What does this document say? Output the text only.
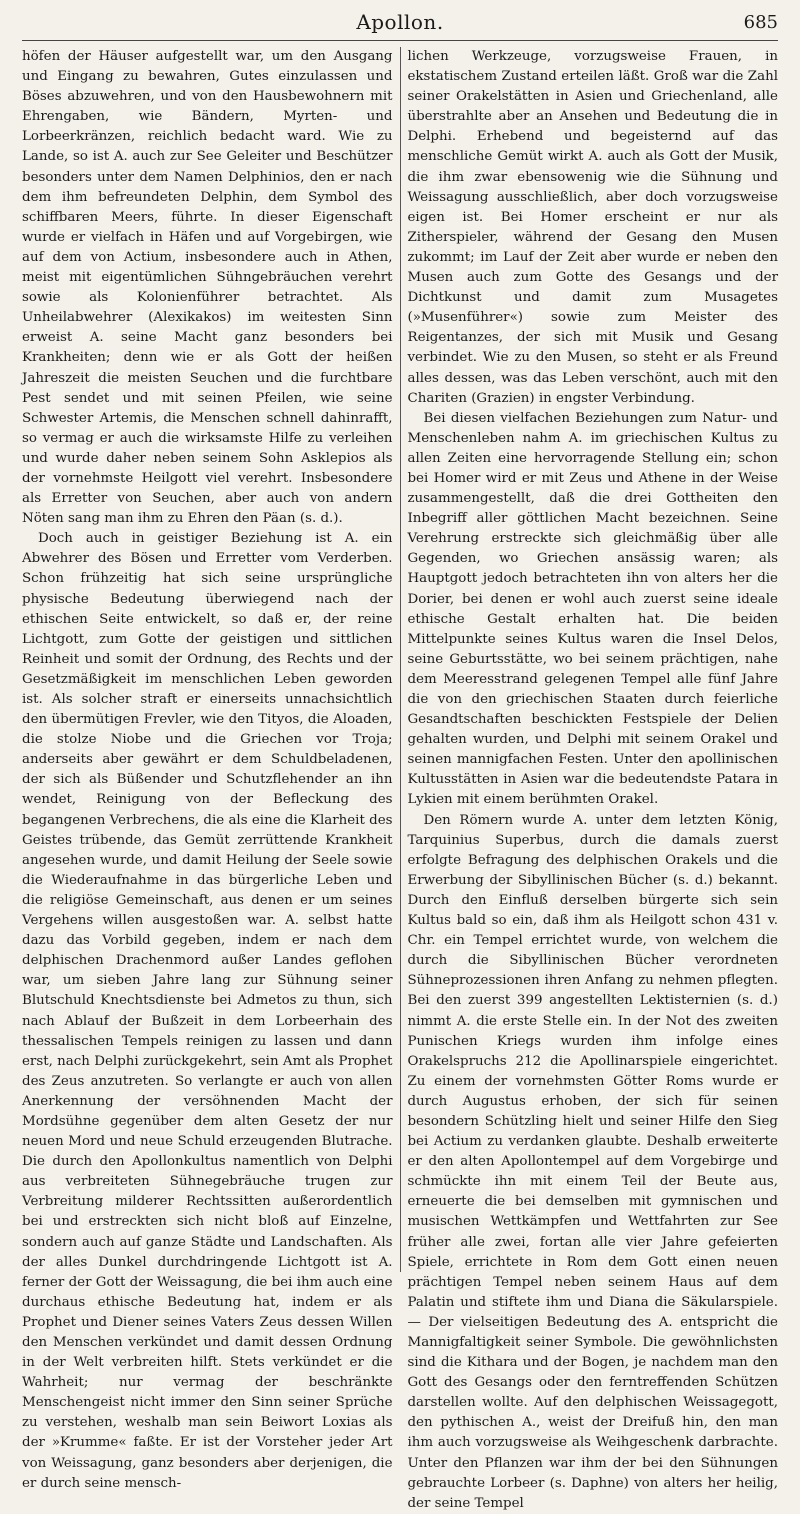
Apollon.	685

höfen der Häuser aufgestellt war, um den Ausgang und Eingang zu bewahren, Gutes einzulassen und Böses abzuwehren, und von den Hausbewohnern mit Ehrengaben, wie Bändern, Myrten- und Lorbeerkränzen, reichlich bedacht ward. Wie zu Lande, so ist A. auch zur See Geleiter und Beschützer besonders unter dem Namen Delphinios, den er nach dem ihm befreundeten Delphin, dem Symbol des schiffbaren Meers, führte. In dieser Eigenschaft wurde er vielfach in Häfen und auf Vorgebirgen, wie auf dem von Actium, insbesondere auch in Athen, meist mit eigentümlichen Sühngebräuchen verehrt sowie als Kolonienführer betrachtet. Als Unheilabwehrer (Alexikakos) im weitesten Sinn erweist A. seine Macht ganz besonders bei Krankheiten; denn wie er als Gott der heißen Jahreszeit die meisten Seuchen und die furchtbare Pest sendet und mit seinen Pfeilen, wie seine Schwester Artemis, die Menschen schnell dahinrafft, so vermag er auch die wirksamste Hilfe zu verleihen und wurde daher neben seinem Sohn Asklepios als der vornehmste Heilgott viel verehrt. Insbesondere als Erretter von Seuchen, aber auch von andern Nöten sang man ihm zu Ehren den Päan (s. d.).

Doch auch in geistiger Beziehung ist A. ein Abwehrer des Bösen und Erretter vom Verderben. Schon frühzeitig hat sich seine ursprüngliche physische Bedeutung überwiegend nach der ethischen Seite entwickelt, so daß er, der reine Lichtgott, zum Gotte der geistigen und sittlichen Reinheit und somit der Ordnung, des Rechts und der Gesetzmäßigkeit im menschlichen Leben geworden ist. Als solcher straft er einerseits unnachsichtlich den übermütigen Frevler, wie den Tityos, die Aloaden, die stolze Niobe und die Griechen vor Troja; anderseits aber gewährt er dem Schuldbeladenen, der sich als Büßender und Schutzflehender an ihn wendet, Reinigung von der Befleckung des begangenen Verbrechens, die als eine die Klarheit des Geistes trübende, das Gemüt zerrüttende Krankheit angesehen wurde, und damit Heilung der Seele sowie die Wiederaufnahme in das bürgerliche Leben und die religiöse Gemeinschaft, aus denen er um seines Vergehens willen ausgestoßen war. A. selbst hatte dazu das Vorbild gegeben, indem er nach dem delphischen Drachenmord außer Landes geflohen war, um sieben Jahre lang zur Sühnung seiner Blutschuld Knechtsdienste bei Admetos zu thun, sich nach Ablauf der Bußzeit in dem Lorbeerhain des thessalischen Tempels reinigen zu lassen und dann erst, nach Delphi zurückgekehrt, sein Amt als Prophet des Zeus anzutreten. So verlangte er auch von allen Anerkennung der versöhnenden Macht der Mordsühne gegenüber dem alten Gesetz der nur neuen Mord und neue Schuld erzeugenden Blutrache. Die durch den Apollonkultus namentlich von Delphi aus verbreiteten Sühnegebräuche trugen zur Verbreitung milderer Rechtssitten außerordentlich bei und erstreckten sich nicht bloß auf Einzelne, sondern auch auf ganze Städte und Landschaften. Als der alles Dunkel durchdringende Lichtgott ist A. ferner der Gott der Weissagung, die bei ihm auch eine durchaus ethische Bedeutung hat, indem er als Prophet und Diener seines Vaters Zeus dessen Willen den Menschen verkündet und damit dessen Ordnung in der Welt verbreiten hilft. Stets verkündet er die Wahrheit; nur vermag der beschränkte Menschengeist nicht immer den Sinn seiner Sprüche zu verstehen, weshalb man sein Beiwort Loxias als der »Krumme« faßte. Er ist der Vorsteher jeder Art von Weissagung, ganz besonders aber derjenigen, die er durch seine mensch-

lichen Werkzeuge, vorzugsweise Frauen, in ekstatischem Zustand erteilen läßt. Groß war die Zahl seiner Orakelstätten in Asien und Griechenland, alle überstrahlte aber an Ansehen und Bedeutung die in Delphi. Erhebend und begeisternd auf das menschliche Gemüt wirkt A. auch als Gott der Musik, die ihm zwar ebensowenig wie die Sühnung und Weissagung ausschließlich, aber doch vorzugsweise eigen ist. Bei Homer erscheint er nur als Zitherspieler, während der Gesang den Musen zukommt; im Lauf der Zeit aber wurde er neben den Musen auch zum Gotte des Gesangs und der Dichtkunst und damit zum Musagetes (»Musenführer«) sowie zum Meister des Reigentanzes, der sich mit Musik und Gesang verbindet. Wie zu den Musen, so steht er als Freund alles dessen, was das Leben verschönt, auch mit den Chariten (Grazien) in engster Verbindung.

Bei diesen vielfachen Beziehungen zum Natur- und Menschenleben nahm A. im griechischen Kultus zu allen Zeiten eine hervorragende Stellung ein; schon bei Homer wird er mit Zeus und Athene in der Weise zusammengestellt, daß die drei Gottheiten den Inbegriff aller göttlichen Macht bezeichnen. Seine Verehrung erstreckte sich gleichmäßig über alle Gegenden, wo Griechen ansässig waren; als Hauptgott jedoch betrachteten ihn von alters her die Dorier, bei denen er wohl auch zuerst seine ideale ethische Gestalt erhalten hat. Die beiden Mittelpunkte seines Kultus waren die Insel Delos, seine Geburtsstätte, wo bei seinem prächtigen, nahe dem Meeresstrand gelegenen Tempel alle fünf Jahre die von den griechischen Staaten durch feierliche Gesandtschaften beschickten Festspiele der Delien gehalten wurden, und Delphi mit seinem Orakel und seinen mannigfachen Festen. Unter den apollinischen Kultusstätten in Asien war die bedeutendste Patara in Lykien mit einem berühmten Orakel.

Den Römern wurde A. unter dem letzten König, Tarquinius Superbus, durch die damals zuerst erfolgte Befragung des delphischen Orakels und die Erwerbung der Sibyllinischen Bücher (s. d.) bekannt. Durch den Einfluß derselben bürgerte sich sein Kultus bald so ein, daß ihm als Heilgott schon 431 v. Chr. ein Tempel errichtet wurde, von welchem die durch die Sibyllinischen Bücher verordneten Sühneprozessionen ihren Anfang zu nehmen pflegten. Bei den zuerst 399 angestellten Lektisternien (s. d.) nimmt A. die erste Stelle ein. In der Not des zweiten Punischen Kriegs wurden ihm infolge eines Orakelspruchs 212 die Apollinarspiele eingerichtet. Zu einem der vornehmsten Götter Roms wurde er durch Augustus erhoben, der sich für seinen besondern Schützling hielt und seiner Hilfe den Sieg bei Actium zu verdanken glaubte. Deshalb erweiterte er den alten Apollontempel auf dem Vorgebirge und schmückte ihn mit einem Teil der Beute aus, erneuerte die bei demselben mit gymnischen und musischen Wettkämpfen und Wettfahrten zur See früher alle zwei, fortan alle vier Jahre gefeierten Spiele, errichtete in Rom dem Gott einen neuen prächtigen Tempel neben seinem Haus auf dem Palatin und stiftete ihm und Diana die Säkularspiele. — Der vielseitigen Bedeutung des A. entspricht die Mannigfaltigkeit seiner Symbole. Die gewöhnlichsten sind die Kithara und der Bogen, je nachdem man den Gott des Gesangs oder den ferntreffenden Schützen darstellen wollte. Auf den delphischen Weissagegott, den pythischen A., weist der Dreifuß hin, den man ihm auch vorzugsweise als Weihgeschenk darbrachte. Unter den Pflanzen war ihm der bei den Sühnungen gebrauchte Lorbeer (s. Daphne) von alters her heilig, der seine Tempel
